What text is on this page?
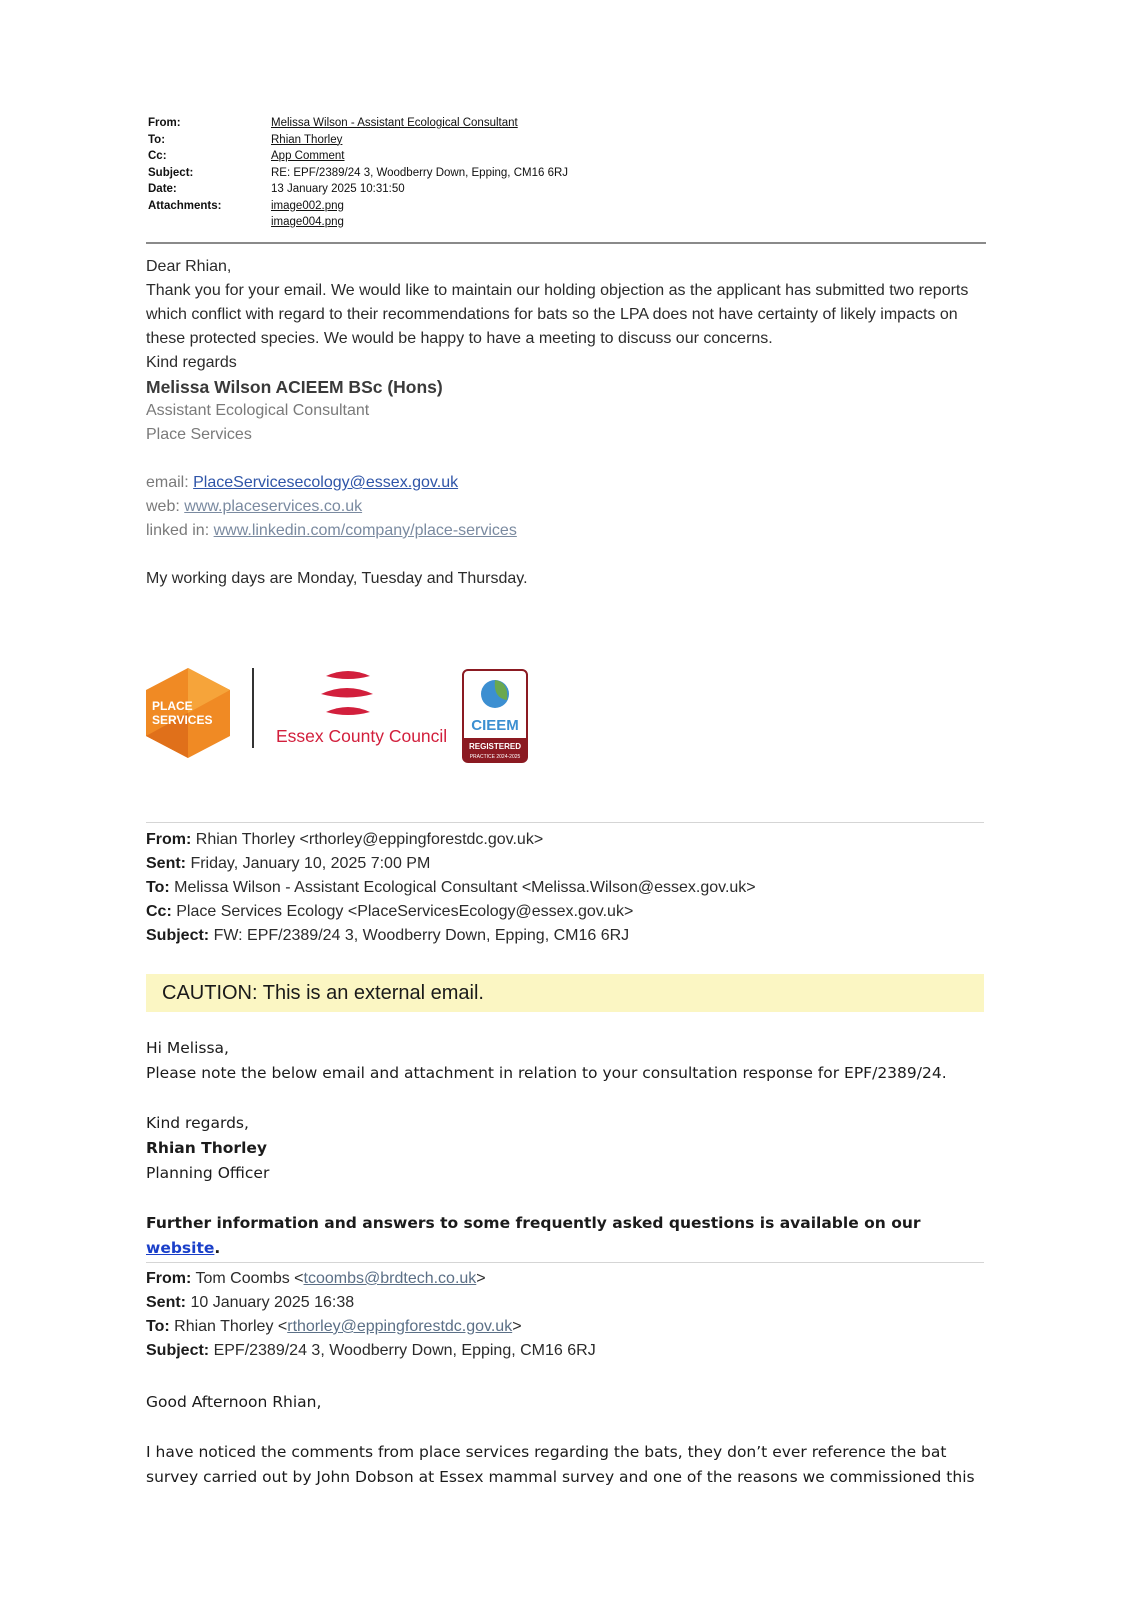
From:	Melissa Wilson - Assistant Ecological Consultant
To:	Rhian Thorley
Cc:	App Comment
Subject:	RE: EPF/2389/24 3, Woodberry Down, Epping, CM16 6RJ
Date:	13 January 2025 10:31:50
Attachments:	image002.png
image004.png

Dear Rhian,

Thank you for your email. We would like to maintain our holding objection as the applicant has submitted two reports which conflict with regard to their recommendations for bats so the LPA does not have certainty of likely impacts on these protected species. We would be happy to have a meeting to discuss our concerns.

Kind regards

Melissa Wilson ACIEEM BSc (Hons)

Assistant Ecological Consultant

Place Services

email: PlaceServicesecology@essex.gov.uk

web: www.placeservices.co.uk

linked in: www.linkedin.com/company/place-services

My working days are Monday, Tuesday and Thursday.

PLACE
SERVICES
Essex County Council
CIEEM
REGISTERED
PRACTICE 2024-2025
From: Rhian Thorley <rthorley@eppingforestdc.gov.uk>
Sent: Friday, January 10, 2025 7:00 PM
To: Melissa Wilson - Assistant Ecological Consultant <Melissa.Wilson@essex.gov.uk>
Cc: Place Services Ecology <PlaceServicesEcology@essex.gov.uk>
Subject: FW: EPF/2389/24 3, Woodberry Down, Epping, CM16 6RJ
CAUTION: This is an external email.

Hi Melissa,

Please note the below email and attachment in relation to your consultation response for EPF/2389/24.

Kind regards,

Rhian Thorley

Planning Officer

Further information and answers to some frequently asked questions is available on our website.

From: Tom Coombs <tcoombs@brdtech.co.uk>
Sent: 10 January 2025 16:38
To: Rhian Thorley <rthorley@eppingforestdc.gov.uk>
Subject: EPF/2389/24 3, Woodberry Down, Epping, CM16 6RJ

Good Afternoon Rhian,

I have noticed the comments from place services regarding the bats, they don’t ever reference the bat

survey carried out by John Dobson at Essex mammal survey and one of the reasons we commissioned this
